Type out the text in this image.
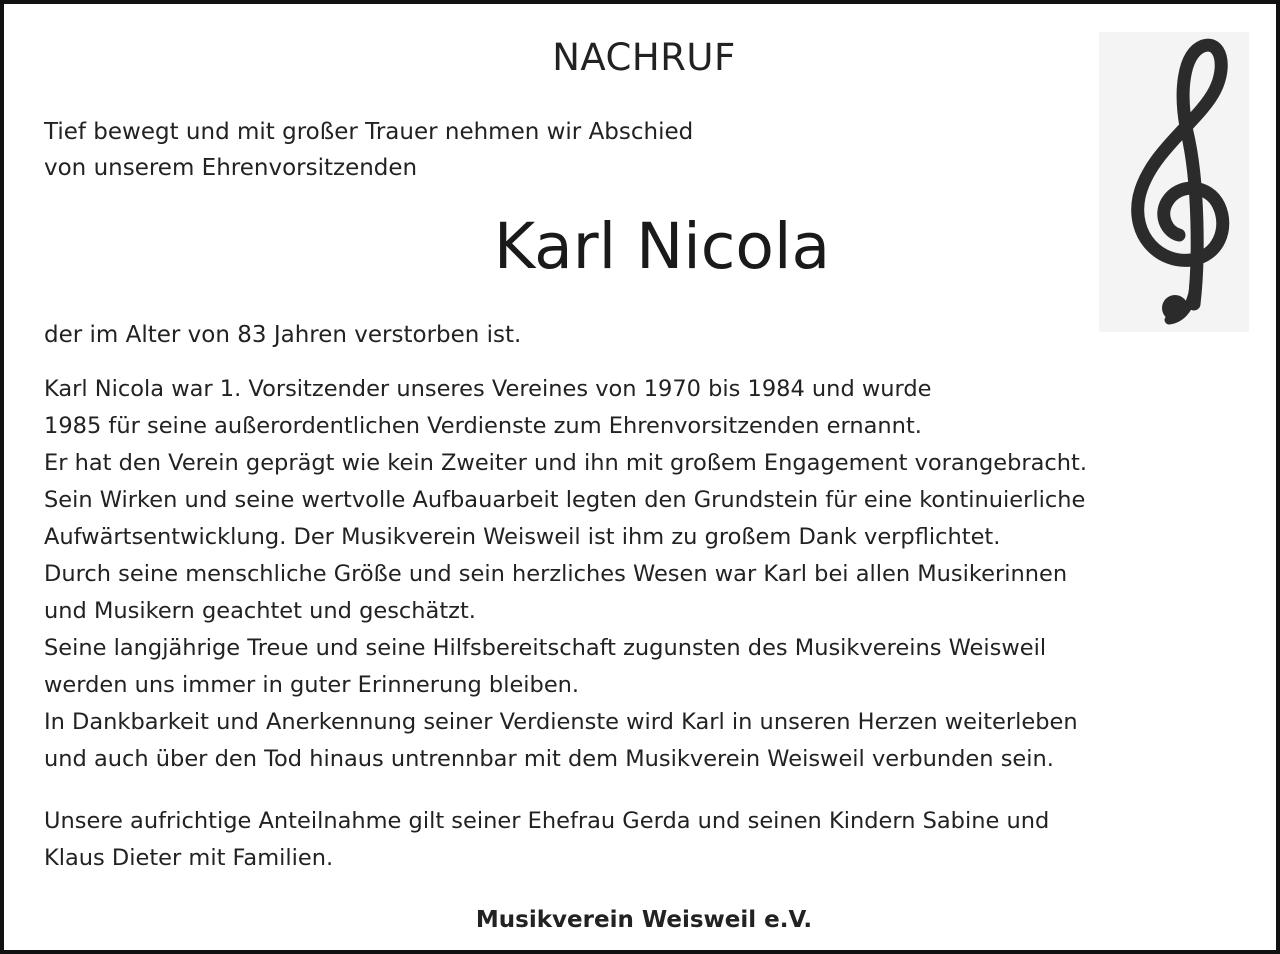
NACHRUF
Tief bewegt und mit großer Trauer nehmen wir Abschied
von unserem Ehrenvorsitzenden
Karl Nicola
der im Alter von 83 Jahren verstorben ist.
Karl Nicola war 1. Vorsitzender unseres Vereines von 1970 bis 1984 und wurde
1985 für seine außerordentlichen Verdienste zum Ehrenvorsitzenden ernannt.
Er hat den Verein geprägt wie kein Zweiter und ihn mit großem Engagement vorangebracht.
Sein Wirken und seine wertvolle Aufbauarbeit legten den Grundstein für eine kontinuierliche
Aufwärtsentwicklung. Der Musikverein Weisweil ist ihm zu großem Dank verpflichtet.
Durch seine menschliche Größe und sein herzliches Wesen war Karl bei allen Musikerinnen
und Musikern geachtet und geschätzt.
Seine langjährige Treue und seine Hilfsbereitschaft zugunsten des Musikvereins Weisweil
werden uns immer in guter Erinnerung bleiben.
In Dankbarkeit und Anerkennung seiner Verdienste wird Karl in unseren Herzen weiterleben
und auch über den Tod hinaus untrennbar mit dem Musikverein Weisweil verbunden sein.
Unsere aufrichtige Anteilnahme gilt seiner Ehefrau Gerda und seinen Kindern Sabine und
Klaus Dieter mit Familien.
Musikverein Weisweil e.V.
